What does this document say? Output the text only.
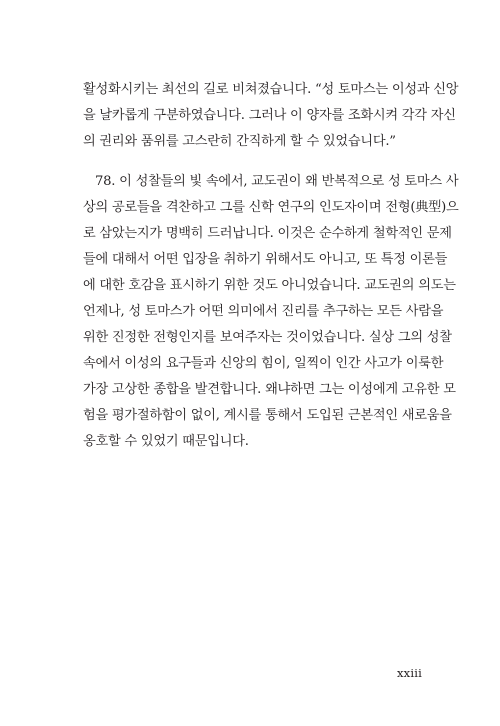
활성화시키는 최선의 길로 비쳐졌습니다. “성 토마스는 이성과 신앙
을 날카롭게 구분하였습니다. 그러나 이 양자를 조화시켜 각각 자신
의 권리와 품위를 고스란히 간직하게 할 수 있었습니다.”
78. 이 성찰들의 빛 속에서, 교도권이 왜 반복적으로 성 토마스 사
상의 공로들을 격찬하고 그를 신학 연구의 인도자이며 전형(典型)으
로 삼았는지가 명백히 드러납니다. 이것은 순수하게 철학적인 문제
들에 대해서 어떤 입장을 취하기 위해서도 아니고, 또 특정 이론들
에 대한 호감을 표시하기 위한 것도 아니었습니다. 교도권의 의도는
언제나, 성 토마스가 어떤 의미에서 진리를 추구하는 모든 사람을
위한 진정한 전형인지를 보여주자는 것이었습니다. 실상 그의 성찰
속에서 이성의 요구들과 신앙의 힘이, 일찍이 인간 사고가 이룩한
가장 고상한 종합을 발견합니다. 왜냐하면 그는 이성에게 고유한 모
험을 평가절하함이 없이, 계시를 통해서 도입된 근본적인 새로움을
옹호할 수 있었기 때문입니다.
xxiii
